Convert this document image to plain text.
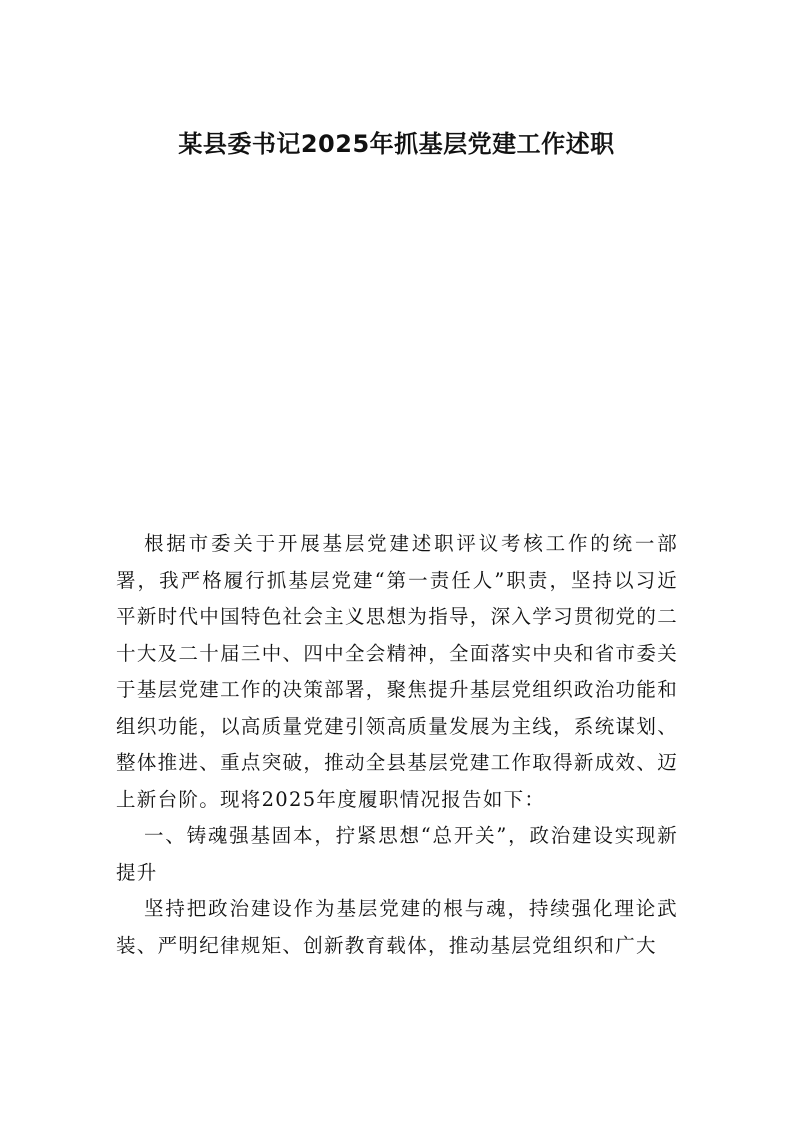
某县委书记2025年抓基层党建工作述职

根据市委关于开展基层党建述职评议考核工作的统一部署，我严格履行抓基层党建“第一责任人”职责，坚持以习近平新时代中国特色社会主义思想为指导，深入学习贯彻党的二十大及二十届三中、四中全会精神，全面落实中央和省市委关于基层党建工作的决策部署，聚焦提升基层党组织政治功能和组织功能，以高质量党建引领高质量发展为主线，系统谋划、整体推进、重点突破，推动全县基层党建工作取得新成效、迈上新台阶。现将2025年度履职情况报告如下：

一、铸魂强基固本，拧紧思想“总开关”，政治建设实现新提升

坚持把政治建设作为基层党建的根与魂，持续强化理论武装、严明纪律规矩、创新教育载体，推动基层党组织和广大
